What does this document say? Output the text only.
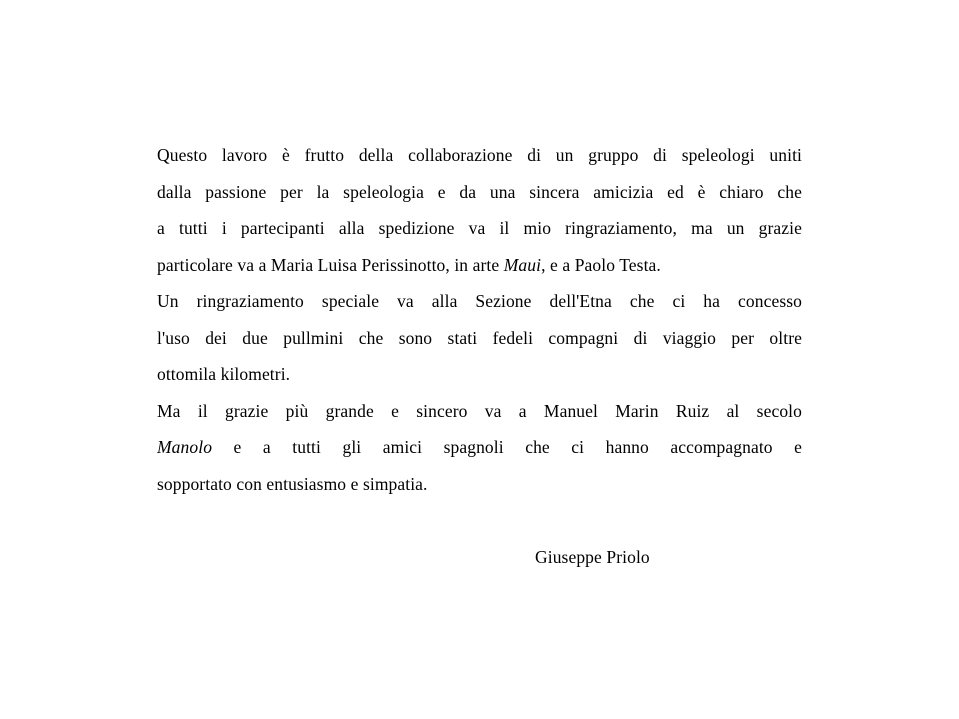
Questo lavoro è frutto della collaborazione di un gruppo di speleologi uniti
dalla passione per la speleologia e da una sincera amicizia ed è chiaro che
a tutti i partecipanti alla spedizione va il mio ringraziamento, ma un grazie
particolare va a Maria Luisa Perissinotto, in arte Maui, e a Paolo Testa.
Un ringraziamento speciale va alla Sezione dell'Etna che ci ha concesso
l'uso dei due pullmini che sono stati fedeli compagni di viaggio per oltre
ottomila kilometri.
Ma il grazie più grande e sincero va a Manuel Marin Ruiz al secolo
Manolo e a tutti gli amici spagnoli che ci hanno accompagnato e
sopportato con entusiasmo e simpatia.
Giuseppe Priolo
